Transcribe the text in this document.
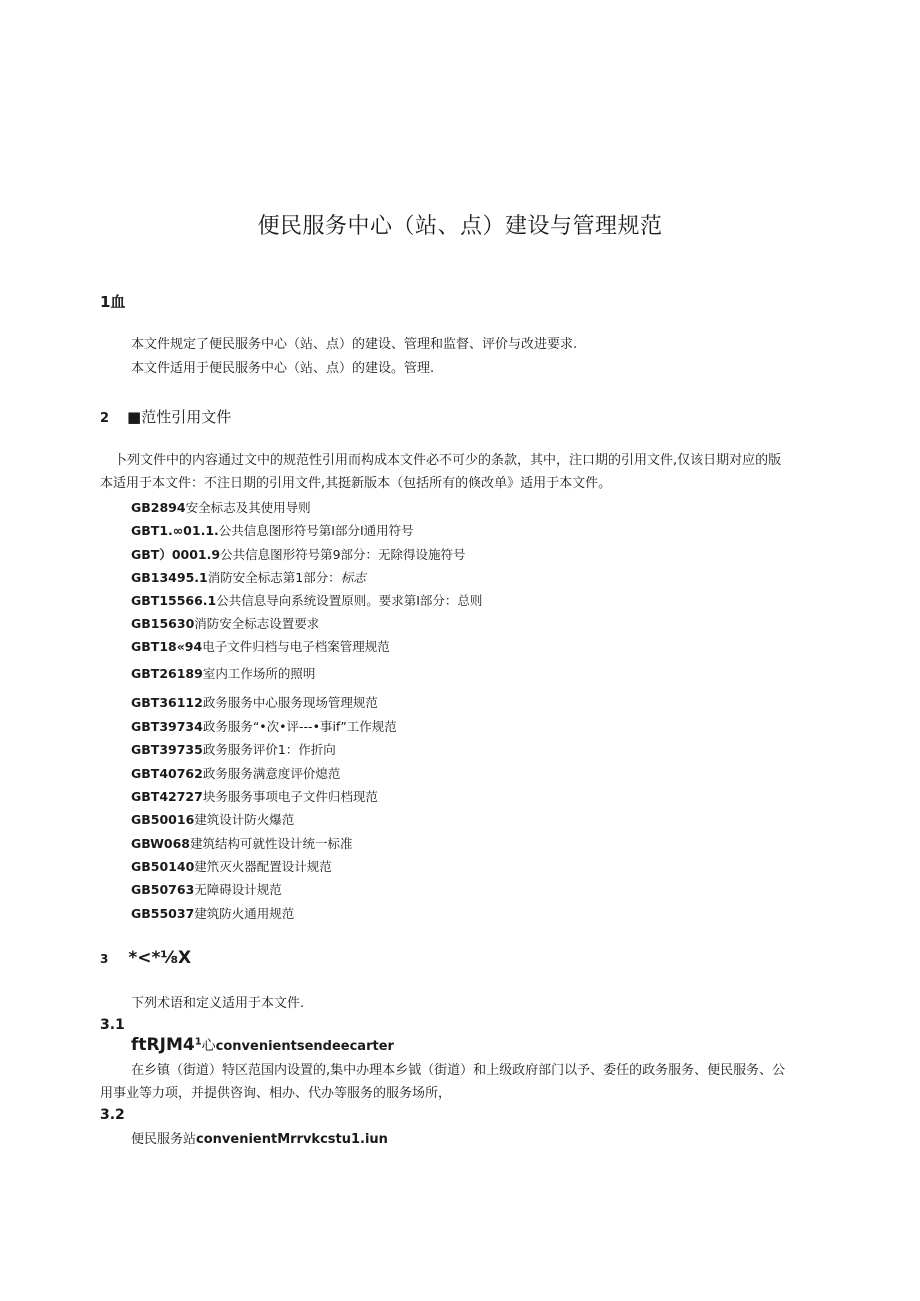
便民服务中心（站、点）建设与管理规范
1血
本文件规定了便民服务中心（站、点）的建设、管理和监督、评价与改进要求.
本文件适用于便民服务中心（站、点）的建设。管理.
2 ■范性引用文件
卜列文件中的内容通过文中的规范性引用而构成本文件必不可少的条款，其中，注口期的引用文件,仅该日期对应的版本适用于本文件：不注日期的引用文件,其挺新版本（包括所有的倏改单》适用于本文件。
GB2894安全标志及其使用导则
GBT1.∞01.1.公共信息图形符号第I部分I通用符号
GBT）0001.9公共信息图形符号第9部分：无除得设施符号
GB13495.1消防安全标志第1部分：标志
GBT15566.1公共信息导向系统设置原则。要求第I部分：总则
GB15630消防安全标志设置要求
GBT18«94电子文件归档与电子档案管理规范
GBT26189室内工作场所的照明
GBT36112政务服务中心服务现场管理规范
GBT39734政务服务“•次•评---•事if”工作规范
GBT39735政务服务评价1：作折向
GBT40762政务服务满意度评价熄范
GBT42727块务服务事项电子文件归档现范
GB50016建筑设计防火爆范
GBW068建筑结构可就性设计统一标准
GB50140建笊灭火器配置设计规范
GB50763无障碍设计规范
GB55037建筑防火通用规范
3 *<*⅛X
下列术语和定义适用于本文件.
3.1
$ftRJM4^1$心convenientsendeecarter
在乡镇（街道）特区范国内设置的,集中办理本乡钺（街道）和上级政府部门以予、委任的政务服务、便民服务、公用事业等力项，并提供咨询、相办、代办等服务的服务场所，
3.2
便民服务站convenientMrrvkcstu1.iun
